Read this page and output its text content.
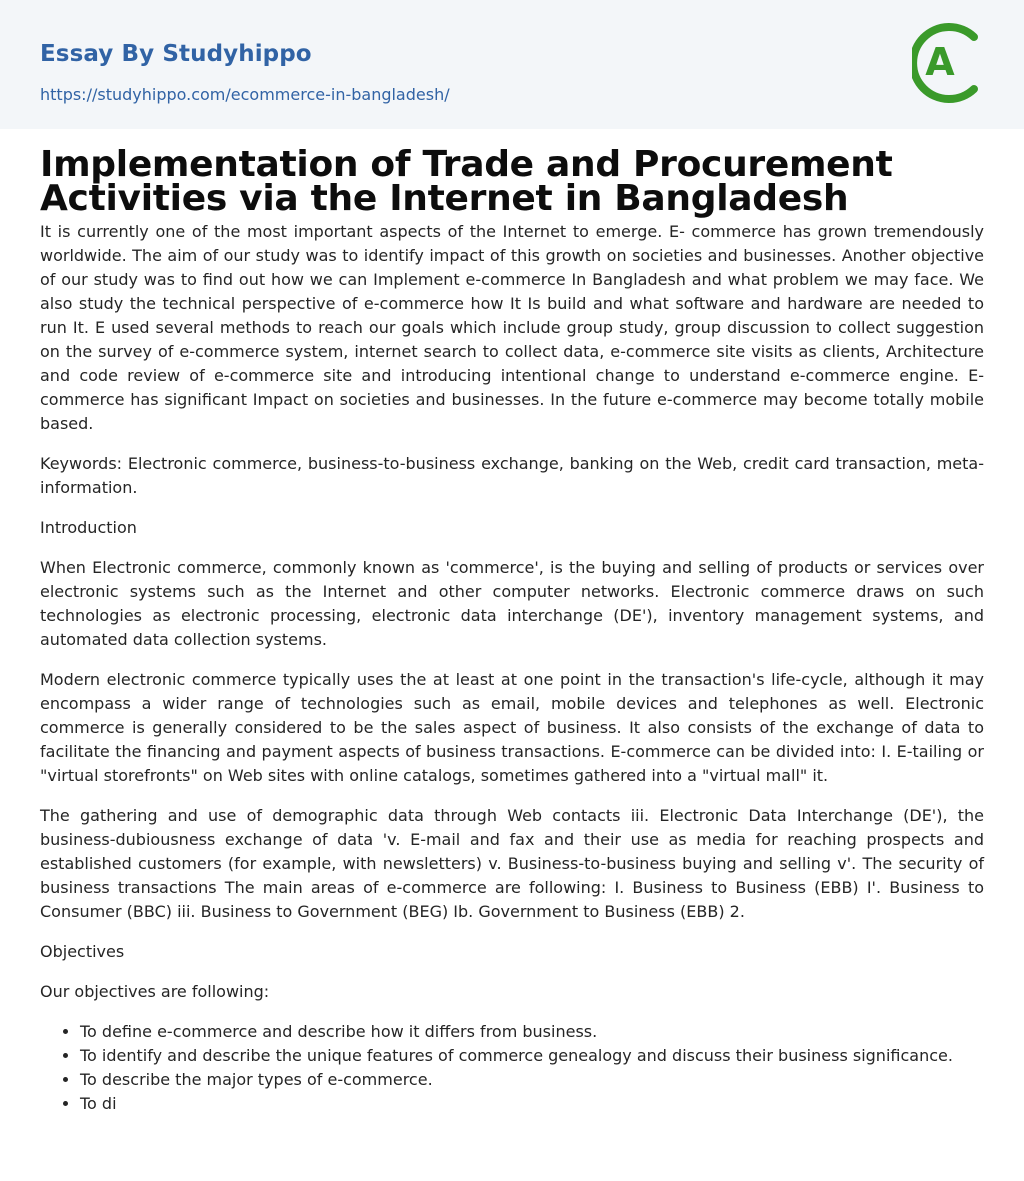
Essay By Studyhippo
https://studyhippo.com/ecommerce-in-bangladesh/
A
Implementation of Trade and Procurement Activities via the Internet in Bangladesh

It is currently one of the most important aspects of the Internet to emerge. E- commerce has grown tremendously worldwide. The aim of our study was to identify impact of this growth on societies and businesses. Another objective of our study was to find out how we can Implement e-commerce In Bangladesh and what problem we may face. We also study the technical perspective of e-commerce how It Is build and what software and hardware are needed to run It. E used several methods to reach our goals which include group study, group discussion to collect suggestion on the survey of e-commerce system, internet search to collect data, e-commerce site visits as clients, Architecture and code review of e-commerce site and introducing intentional change to understand e-commerce engine. E-commerce has significant Impact on societies and businesses. In the future e-commerce may become totally mobile based.

Keywords: Electronic commerce, business-to-business exchange, banking on the Web, credit card transaction, meta-information.

Introduction

When Electronic commerce, commonly known as 'commerce', is the buying and selling of products or services over electronic systems such as the Internet and other computer networks. Electronic commerce draws on such technologies as electronic processing, electronic data interchange (DE'), inventory management systems, and automated data collection systems.

Modern electronic commerce typically uses the at least at one point in the transaction's life-cycle, although it may encompass a wider range of technologies such as email, mobile devices and telephones as well. Electronic commerce is generally considered to be the sales aspect of business. It also consists of the exchange of data to facilitate the financing and payment aspects of business transactions. E-commerce can be divided into: I. E-tailing or "virtual storefronts" on Web sites with online catalogs, sometimes gathered into a "virtual mall" it.

The gathering and use of demographic data through Web contacts iii. Electronic Data Interchange (DE'), the business-dubiousness exchange of data 'v. E-mail and fax and their use as media for reaching prospects and established customers (for example, with newsletters) v. Business-to-business buying and selling v'. The security of business transactions The main areas of e-commerce are following: I. Business to Business (EBB) I'. Business to Consumer (BBC) iii. Business to Government (BEG) Ib. Government to Business (EBB) 2.

Objectives

Our objectives are following:

• To define e-commerce and describe how it differs from business.
• To identify and describe the unique features of commerce genealogy and discuss their business significance.
• To describe the major types of e-commerce.
• To di
